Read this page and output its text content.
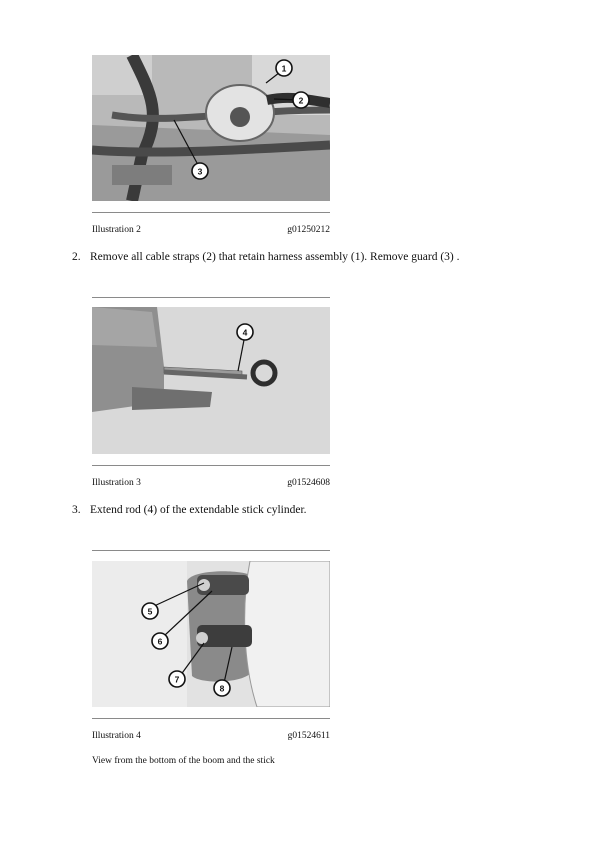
1
2
3
Illustration 2	g01250212
2. Remove all cable straps (2) that retain harness assembly (1). Remove guard (3) .
4
Illustration 3	g01524608
3. Extend rod (4) of the extendable stick cylinder.
5
6
7
8
Illustration 4	g01524611
View from the bottom of the boom and the stick
